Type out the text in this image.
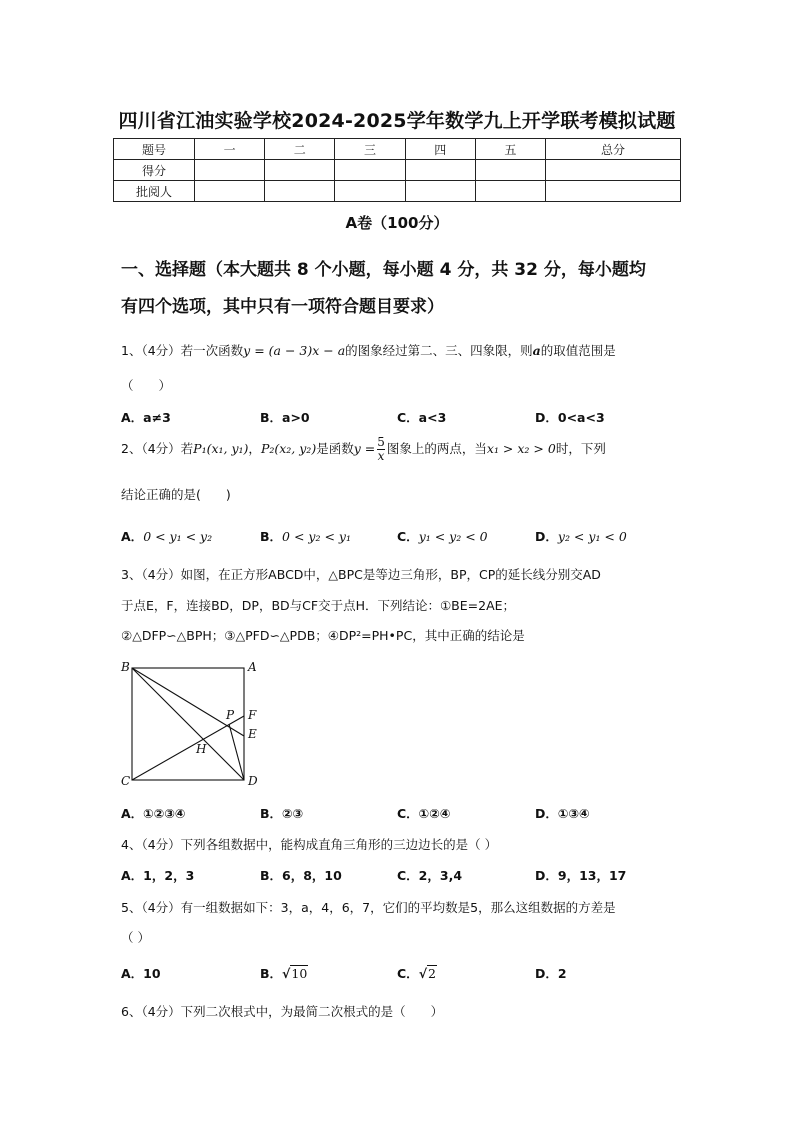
四川省江油实验学校2024-2025学年数学九上开学联考模拟试题
题号	一	二	三	四	五	总分
得分						
批阅人						
A卷（100分）
一、选择题（本大题共 8 个小题，每小题 4 分，共 32 分，每小题均
有四个选项，其中只有一项符合题目要求）
1、（4分）若一次函数y = (a − 3)x − a的图象经过第二、三、四象限，则a的取值范围是
（　　）
A．a≠3	B．a>0	C．a<3	D．0<a<3
2、（4分）若P₁(x₁, y₁)，P₂(x₂, y₂)是函数$y = \frac{5}{x}$ 图象上的两点，当x₁ > x₂ > 0时，下列
结论正确的是(　　)
A．0 < y₁ < y₂	B．0 < y₂ < y₁	C．y₁ < y₂ < 0	D．y₂ < y₁ < 0
3、（4分）如图，在正方形ABCD中，△BPC是等边三角形，BP，CP的延长线分别交AD
于点E，F，连接BD，DP，BD与CF交于点H．下列结论：①BE=2AE；
②△DFP∽△BPH；③△PFD∽△PDB；④DP²=PH•PC，其中正确的结论是
B	A
C	D
P F
E
H
A．①②③④	B．②③	C．①②④	D．①③④
4、（4分）下列各组数据中，能构成直角三角形的三边边长的是（ ）
A．1，2，3	B．6，8，10	C．2，3,4	D．9，13，17
5、（4分）有一组数据如下：3，a，4，6，7，它们的平均数是5，那么这组数据的方差是
（ ）
A．10	B．√10	C．√2	D．2
6、（4分）下列二次根式中，为最简二次根式的是（　　）
